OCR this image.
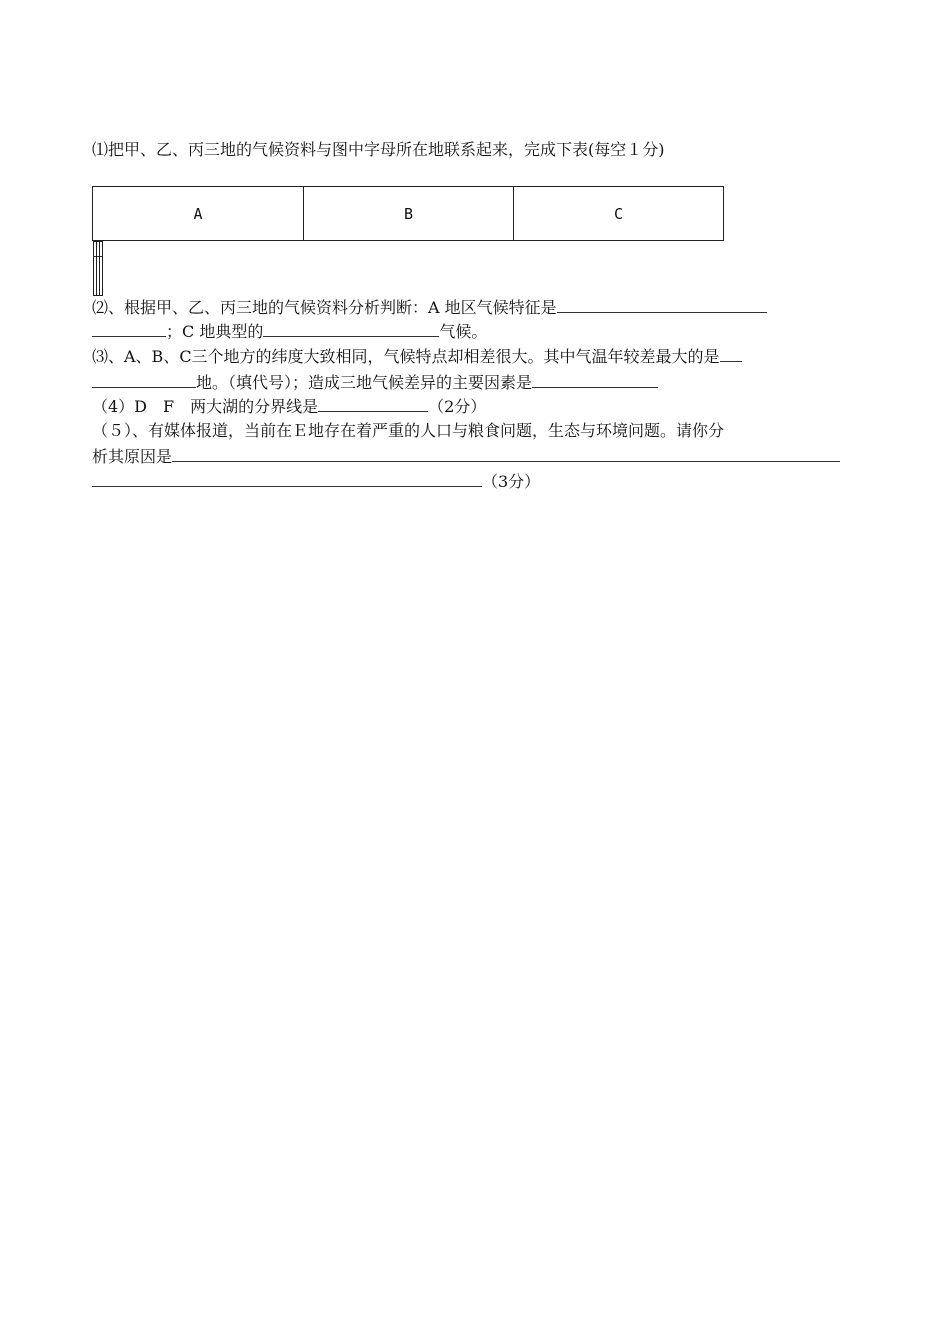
⑴把甲、乙、丙三地的气候资料与图中字母所在地联系起来，完成下表(每空１分)
A	B	C

⑵、根据甲、乙、丙三地的气候资料分析判断：A 地区气候特征是
；C 地典型的	气候。
⑶、A、B、C三个地方的纬度大致相同，气候特点却相差很大。其中气温年较差最大的是
地。（填代号）；造成三地气候差异的主要因素是
（4）D　F　两大湖的分界线是	（2分）
（５）、有媒体报道，当前在Ｅ地存在着严重的人口与粮食问题，生态与环境问题。请你分
析其原因是
（3分）
